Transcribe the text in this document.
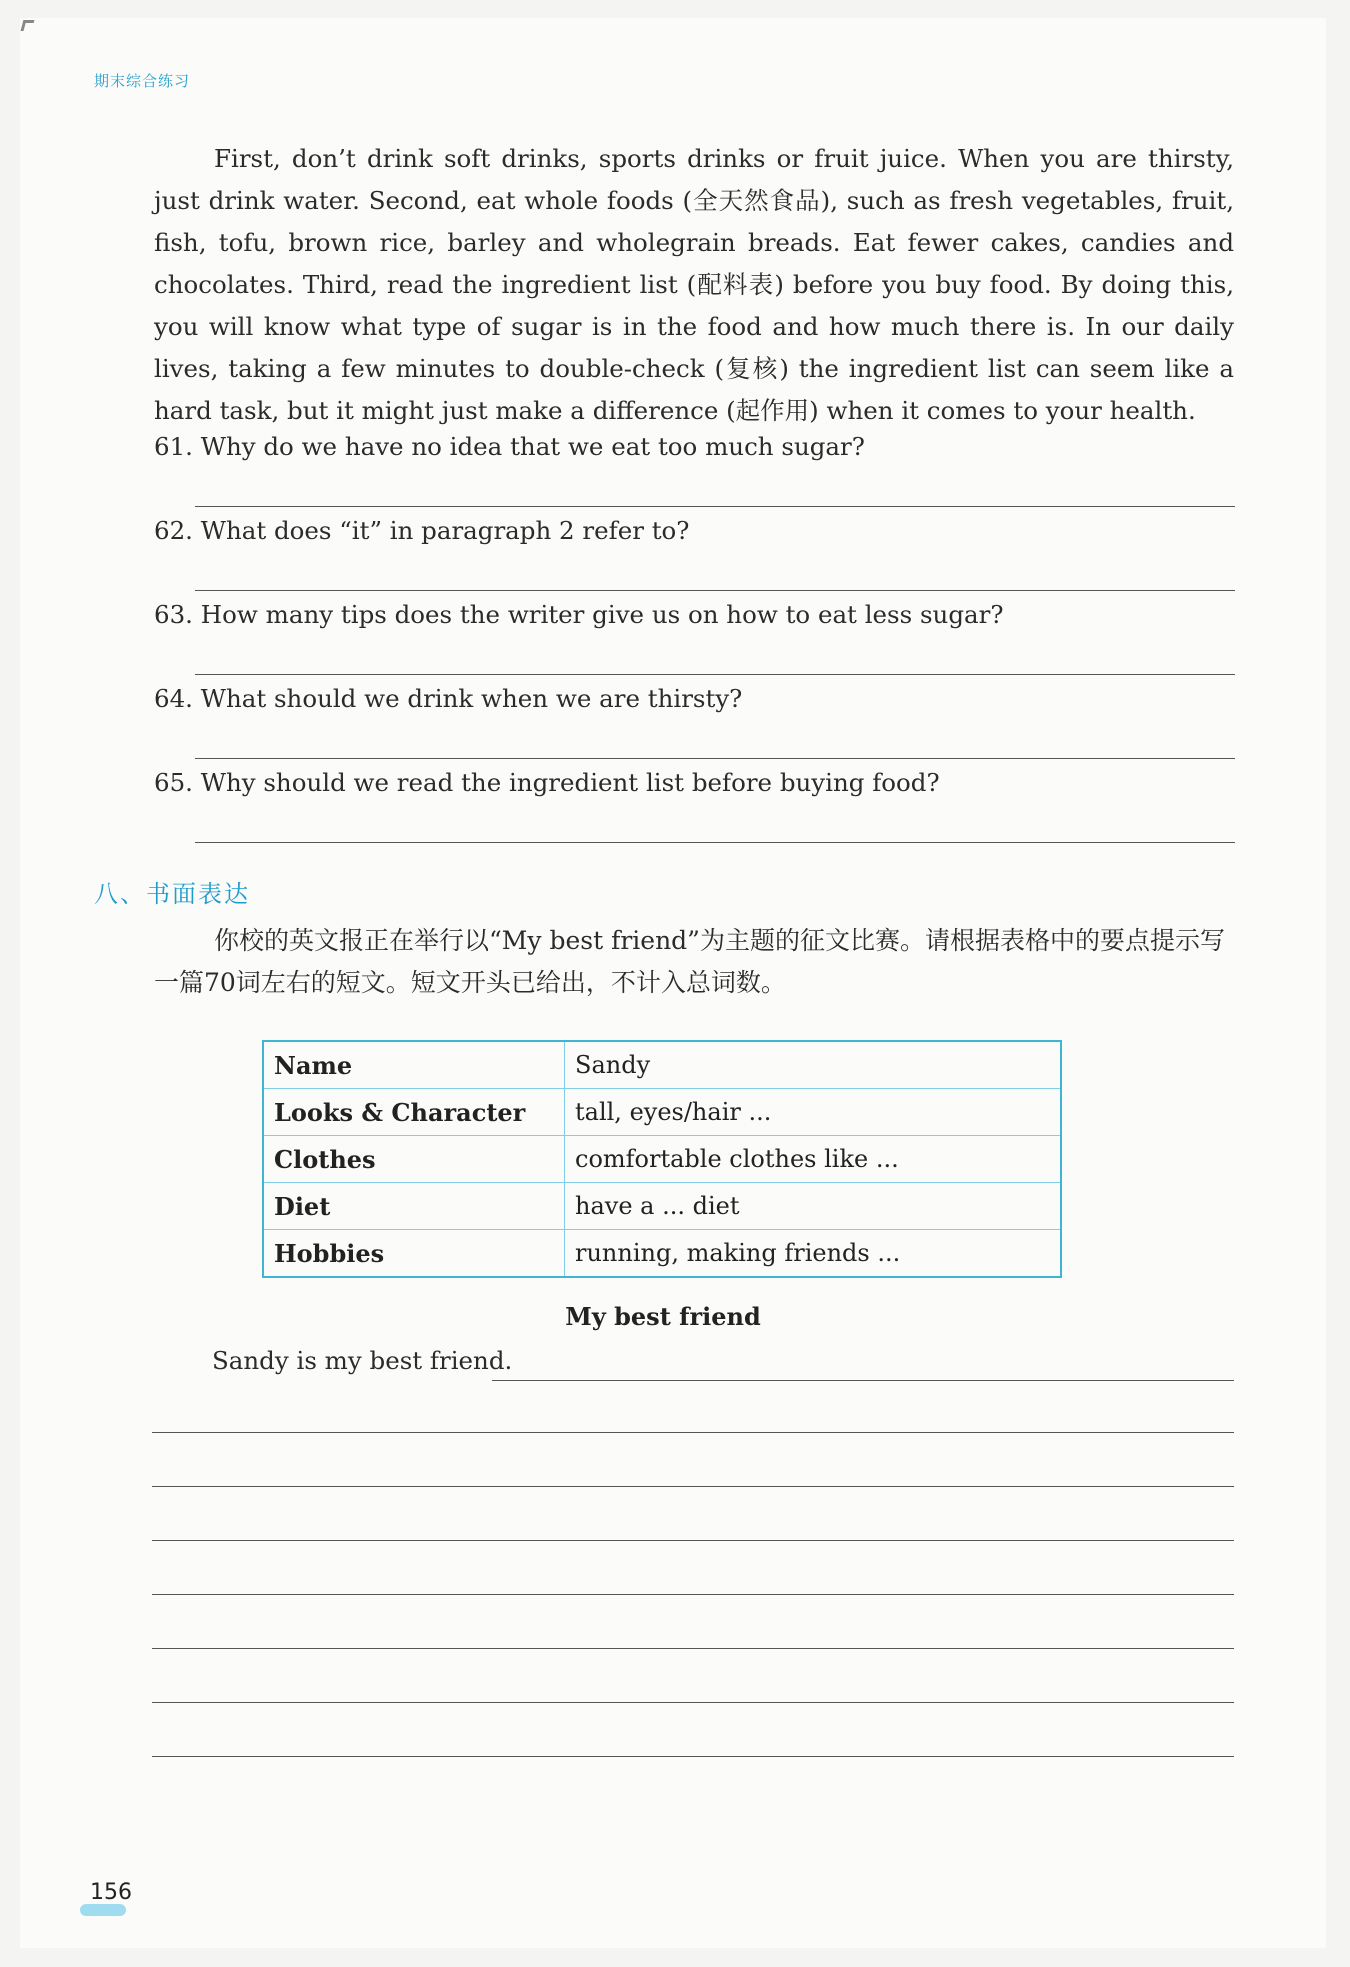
期末综合练习

First, don’t drink soft drinks, sports drinks or fruit juice. When you are thirsty, just drink water. Second, eat whole foods (全天然食品), such as fresh vegetables, fruit, fish, tofu, brown rice, barley and wholegrain breads. Eat fewer cakes, candies and chocolates. Third, read the ingredient list (配料表) before you buy food. By doing this, you will know what type of sugar is in the food and how much there is. In our daily lives, taking a few minutes to double-check (复核) the ingredient list can seem like a hard task, but it might just make a difference (起作用) when it comes to your health.

61. Why do we have no idea that we eat too much sugar?
62. What does “it” in paragraph 2 refer to?
63. How many tips does the writer give us on how to eat less sugar?
64. What should we drink when we are thirsty?
65. Why should we read the ingredient list before buying food?
八、书面表达

你校的英文报正在举行以“My best friend”为主题的征文比赛。请根据表格中的要点提示写一篇70词左右的短文。短文开头已给出，不计入总词数。

Name	Sandy
Looks & Character	tall, eyes/hair ...
Clothes	comfortable clothes like ...
Diet	have a ... diet
Hobbies	running, making friends ...
My best friend
Sandy is my best friend.
156
